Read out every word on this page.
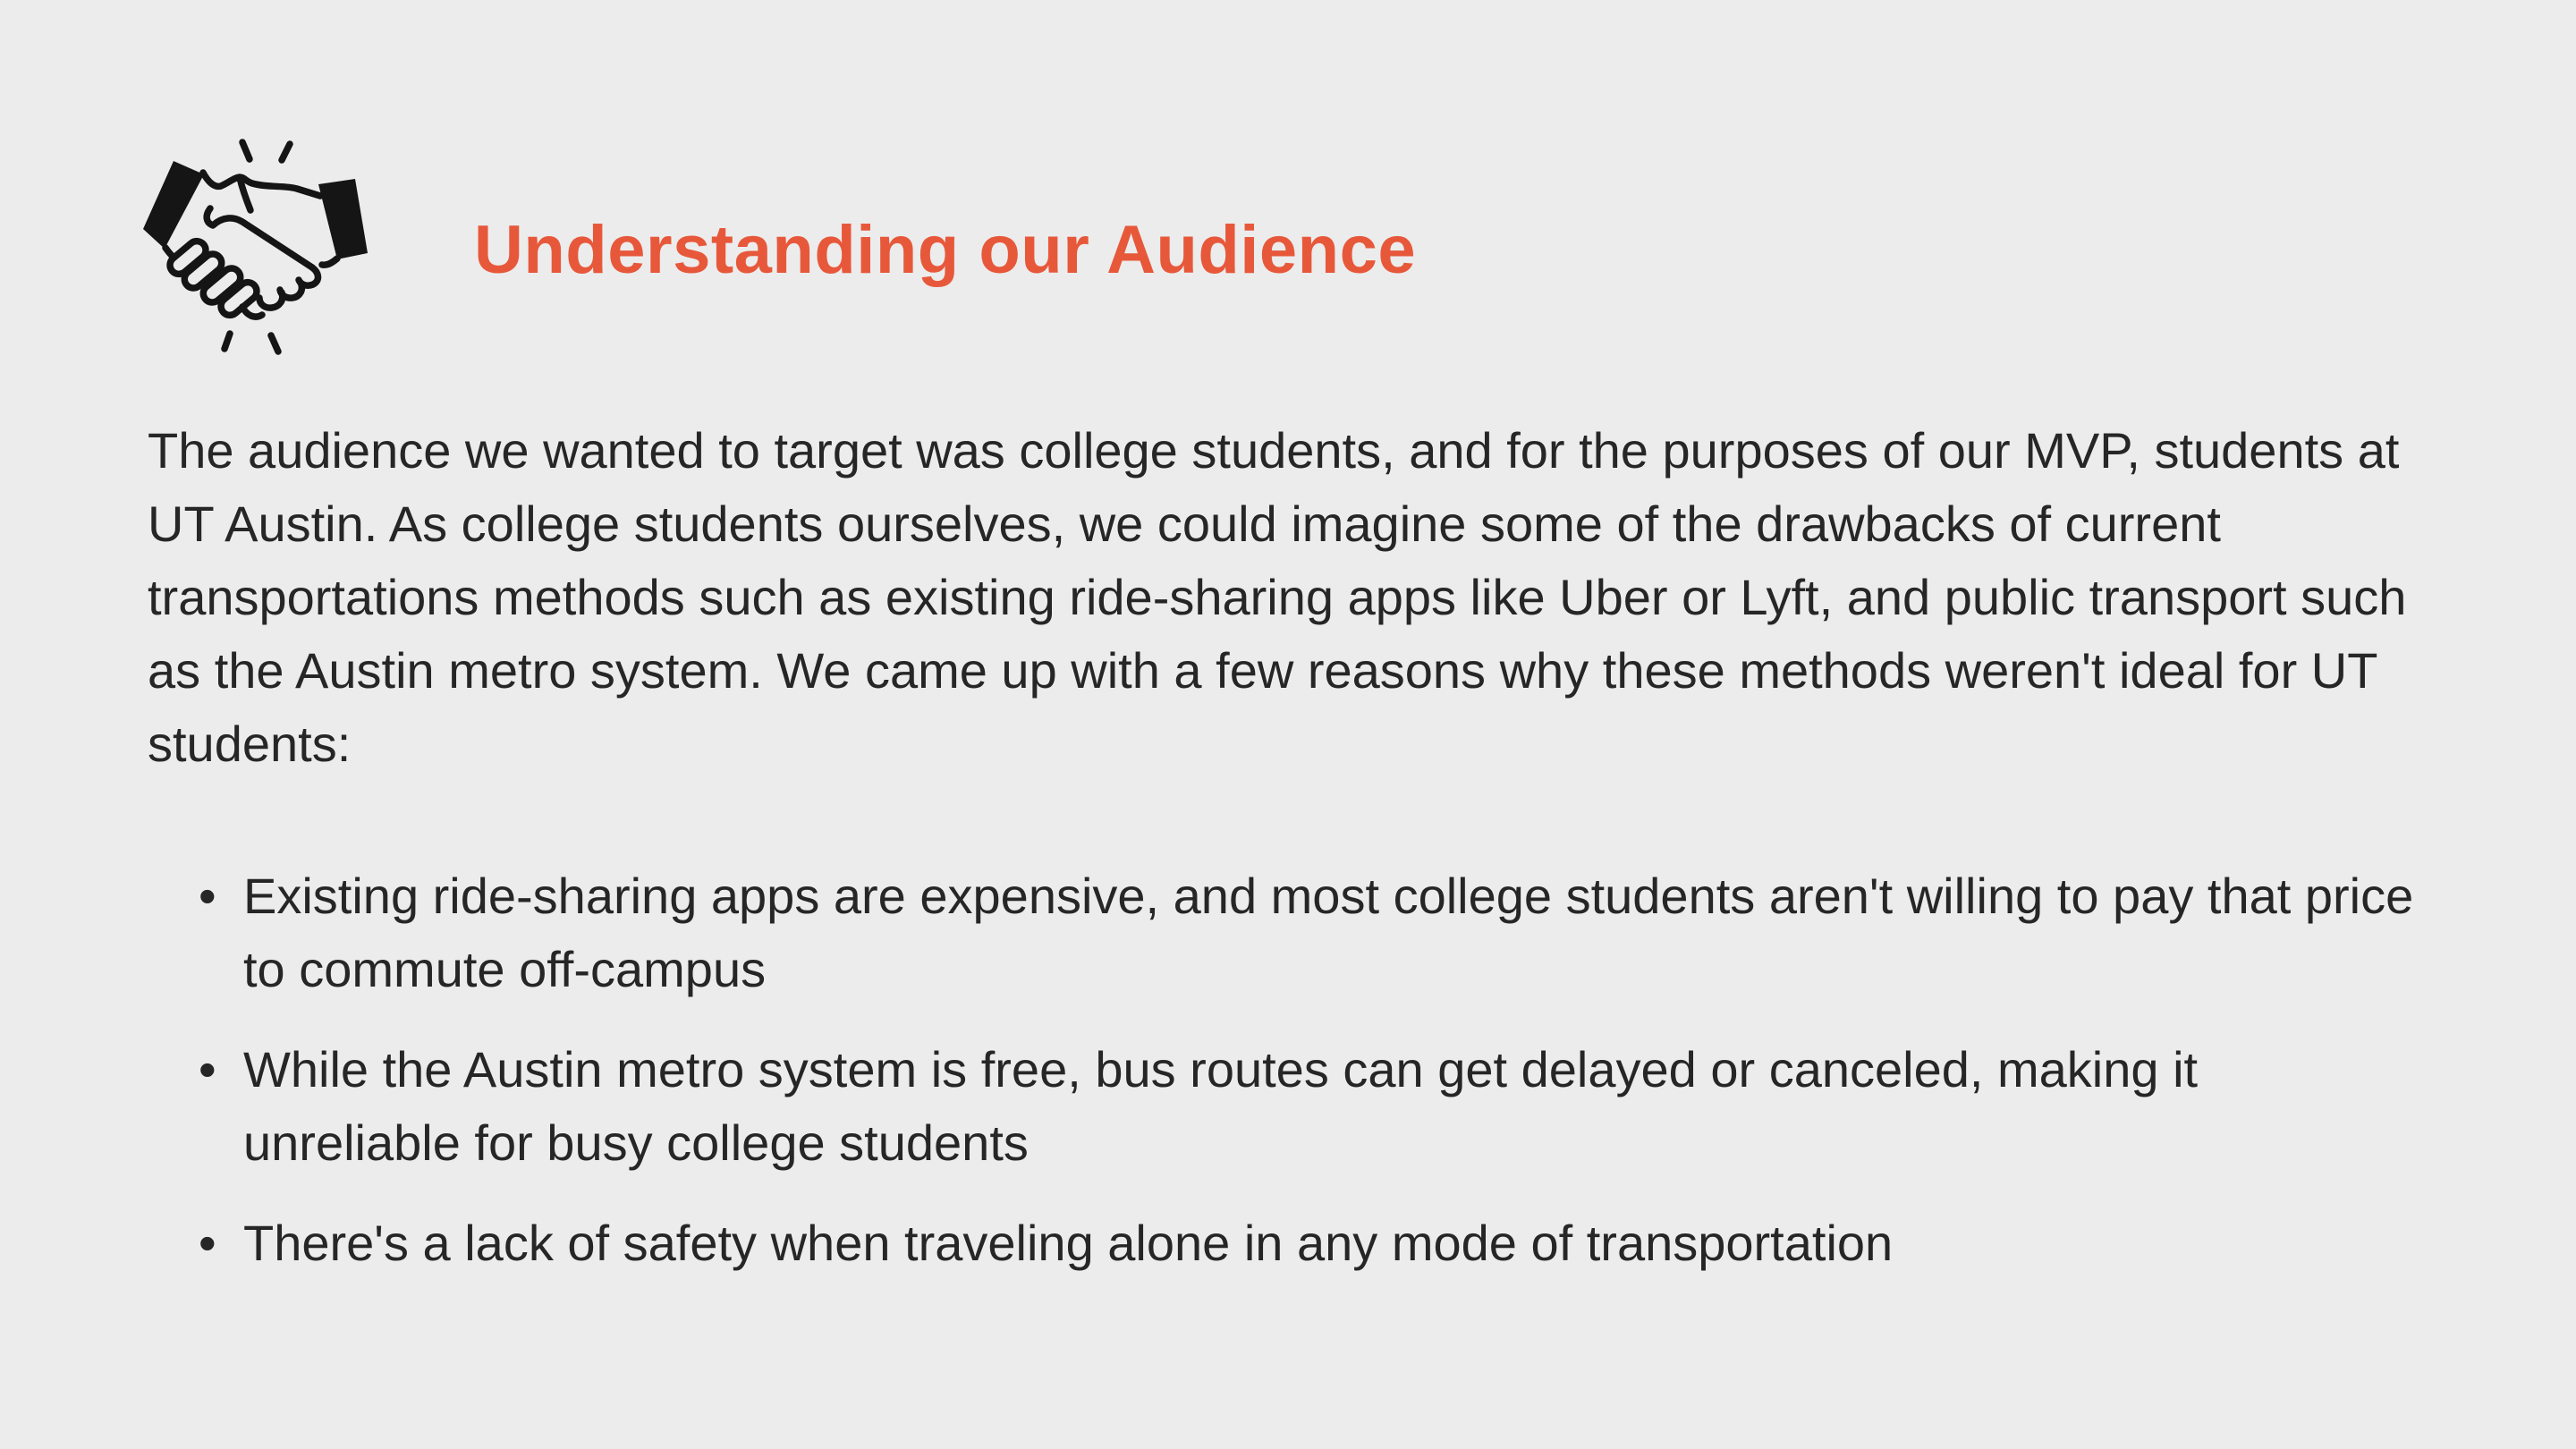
Understanding our Audience

The audience we wanted to target was college students, and for the purposes of our MVP, students at UT Austin. As college students ourselves, we could imagine some of the drawbacks of current transportations methods such as existing ride-sharing apps like Uber or Lyft, and public transport such as the Austin metro system. We came up with a few reasons why these methods weren't ideal for UT students:

• Existing ride-sharing apps are expensive, and most college students aren't willing to pay that price to commute off-campus
• While the Austin metro system is free, bus routes can get delayed or canceled, making it unreliable for busy college students
• There's a lack of safety when traveling alone in any mode of transportation
